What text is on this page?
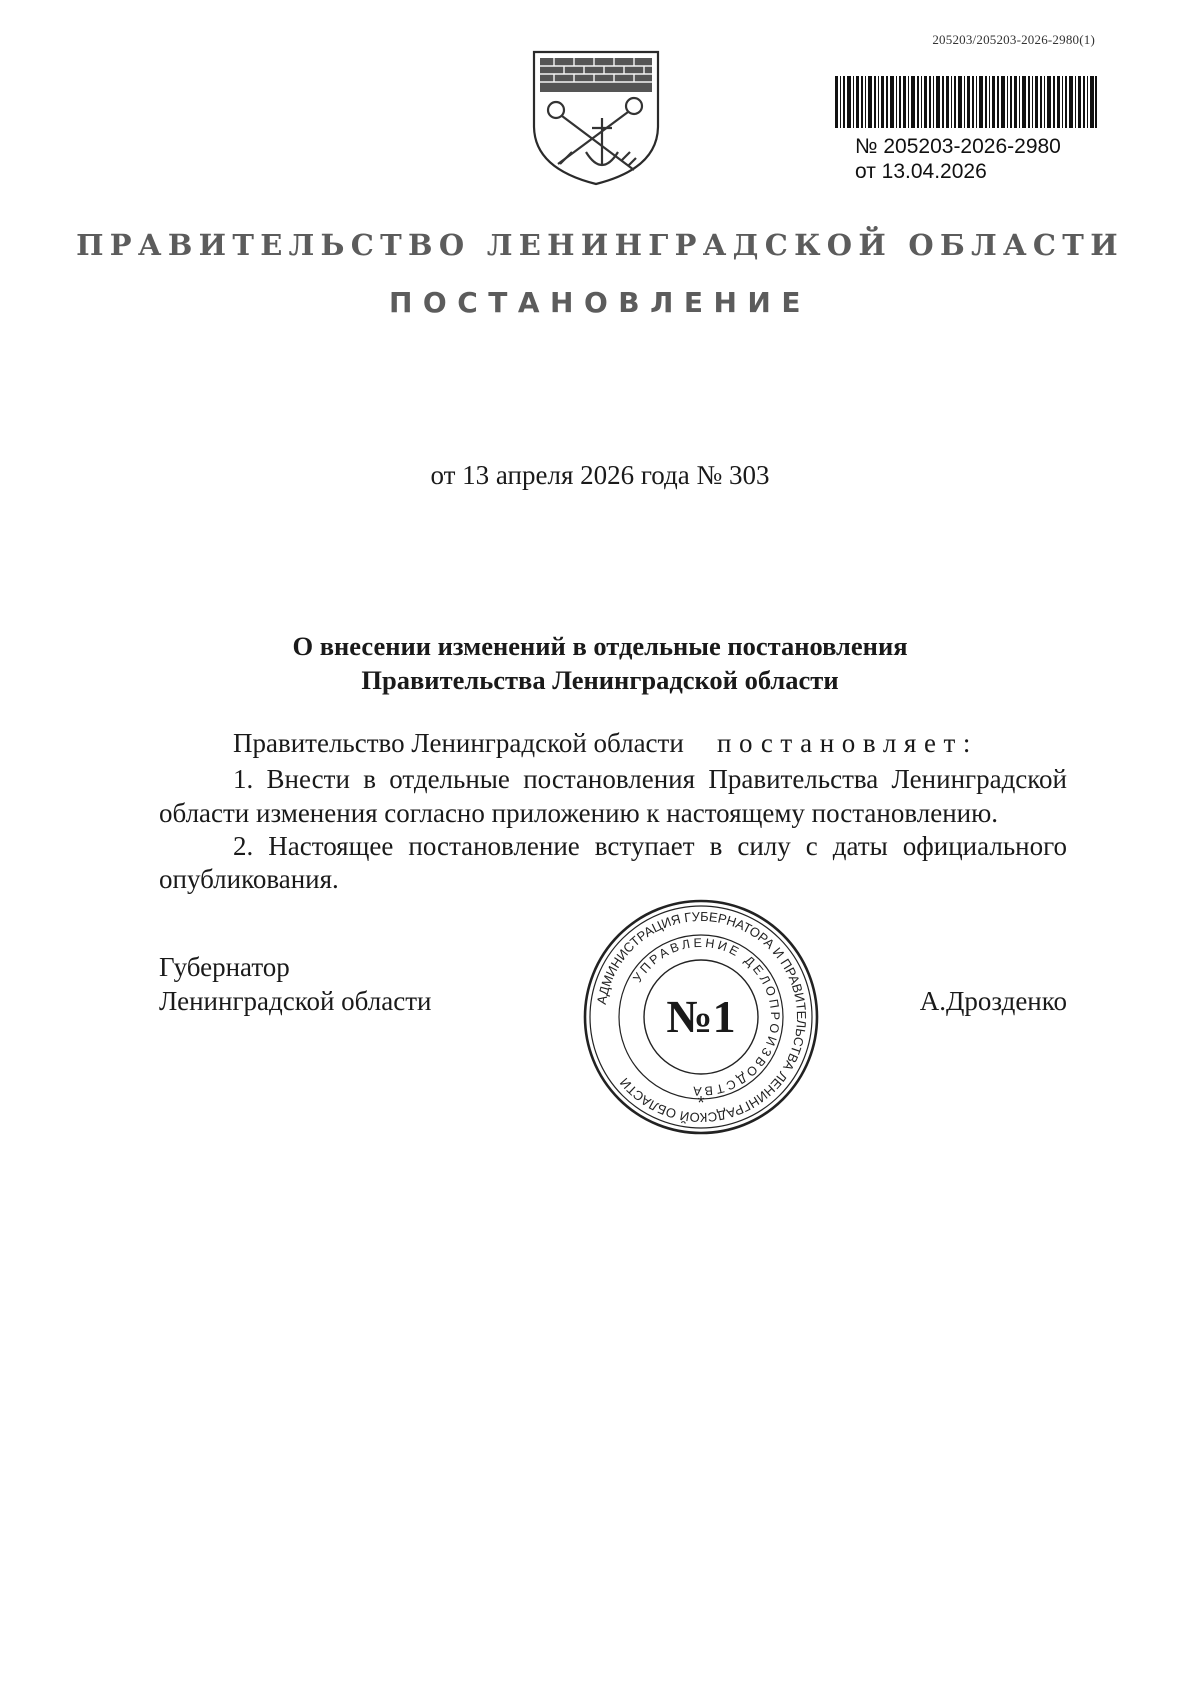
205203/205203-2026-2980(1)
№ 205203-2026-2980
от 13.04.2026
ПРАВИТЕЛЬСТВО ЛЕНИНГРАДСКОЙ ОБЛАСТИ
ПОСТАНОВЛЕНИЕ
от 13 апреля 2026 года № 303
О внесении изменений в отдельные постановления
Правительства Ленинградской области
Правительство Ленинградской области постановляет:
1. Внести в отдельные постановления Правительства Ленинградской
области изменения согласно приложению к настоящему постановлению.
2. Настоящее постановление вступает в силу с даты официального
опубликования.
Губернатор
Ленинградской области	А.Дрозденко
АДМИНИСТРАЦИЯ ГУБЕРНАТОРА И ПРАВИТЕЛЬСТВА ЛЕНИНГРАДСКОЙ ОБЛАСТИ
УПРАВЛЕНИЕ ДЕЛОПРОИЗВОДСТВА
№1
*
